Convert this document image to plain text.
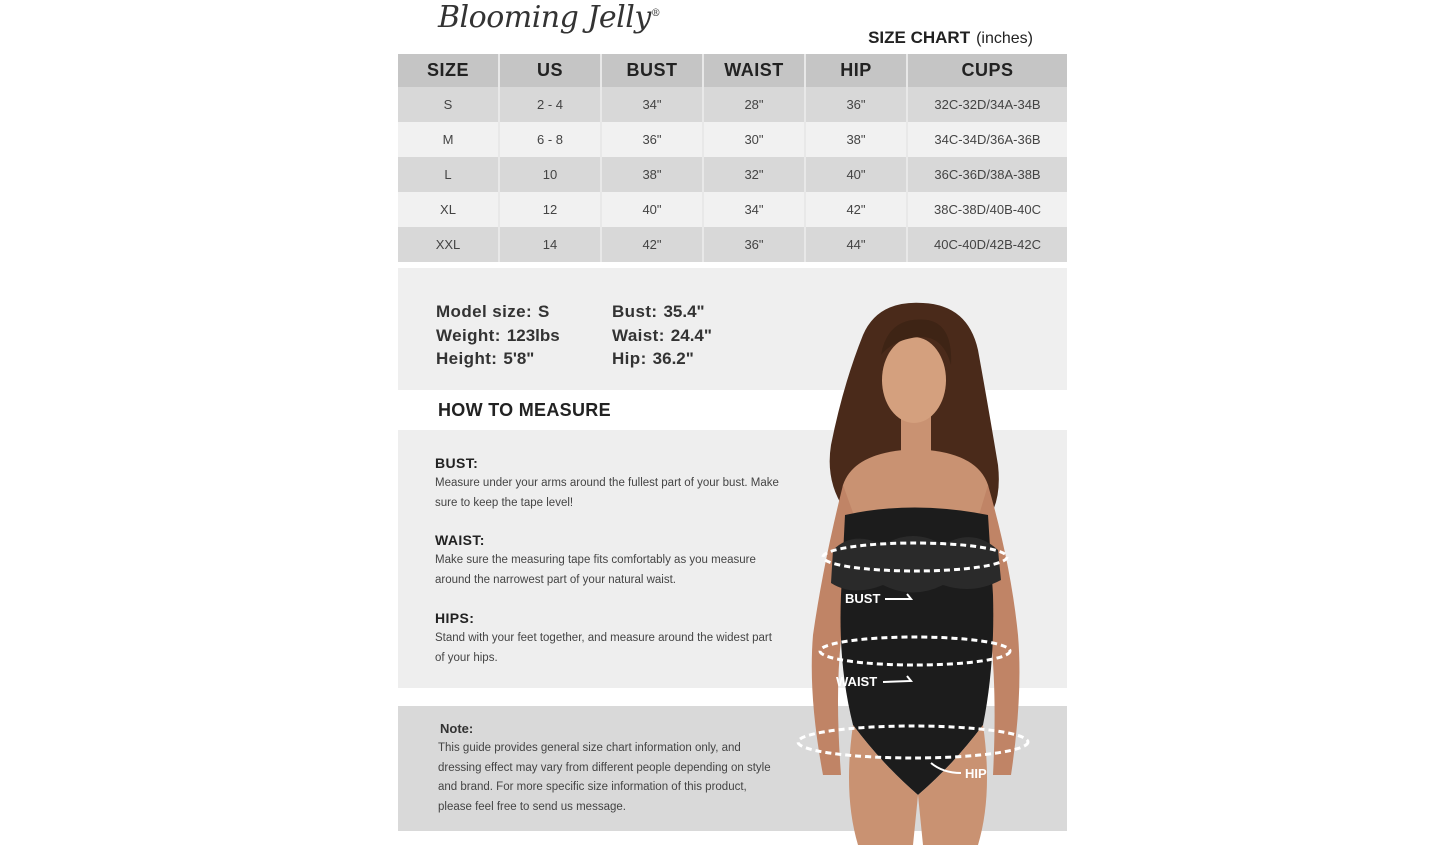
Blooming Jelly®
SIZE CHART (inches)
SIZE	US	BUST	WAIST	HIP	CUPS
S	2 - 4	34"	28"	36"	32C-32D/34A-34B
M	6 - 8	36"	30"	38"	34C-34D/36A-36B
L	10	38"	32"	40"	36C-36D/38A-38B
XL	12	40"	34"	42"	38C-38D/40B-40C
XXL	14	42"	36"	44"	40C-40D/42B-42C
Model size: S
Weight: 123lbs
Height: 5'8"
Bust: 35.4"
Waist: 24.4"
Hip: 36.2"
HOW TO MEASURE
BUST:
Measure under your arms around the fullest part of your bust. Make sure to keep the tape level!
WAIST:
Make sure the measuring tape fits comfortably as you measure around the narrowest part of your natural waist.
HIPS:
Stand with your feet together, and measure around the widest part of your hips.
Note:
This guide provides general size chart information only, and dressing effect may vary from different people depending on style and brand. For more specific size information of this product, please feel free to send us message.
BUST
WAIST
HIP
